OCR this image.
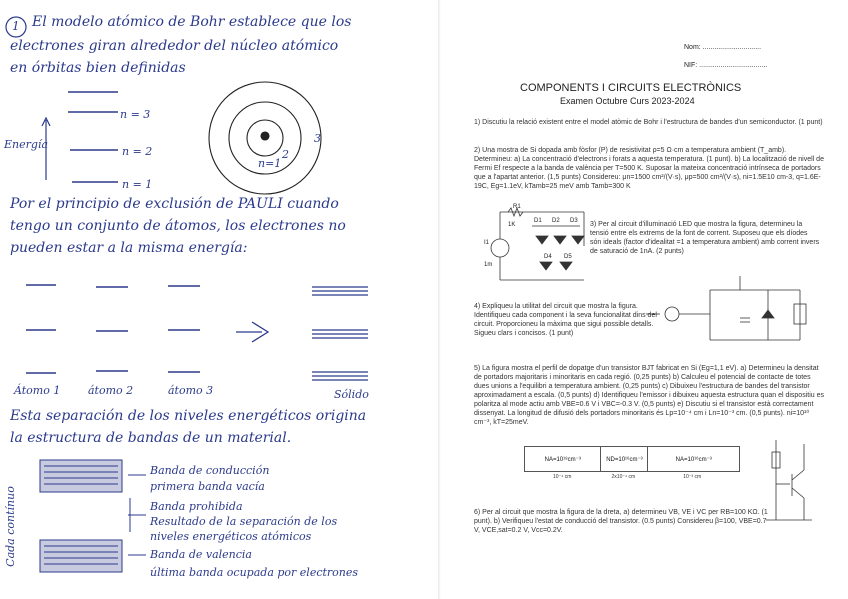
1 El modelo atómico de Bohr establece que los
electrones giran alrededor del núcleo atómico
en órbitas bien definidas
Energía
n = 3
n = 2
n = 1
3
2
n=1
Por el principio de exclusión de PAULI cuando
tengo un conjunto de átomos, los electrones no
pueden estar a la misma energía:
Átomo 1	átomo 2	átomo 3	Sólido
Esta separación de los niveles energéticos origina
la estructura de bandas de un material.
Cada contínuo
Banda de conducción
primera banda vacía
Banda prohibida
Resultado de la separación de los
niveles energéticos atómicos
Banda de valencia
última banda ocupada por electrones
Nom: ..............................
NIF: ...................................
COMPONENTS I CIRCUITS ELECTRÒNICS
Examen Octubre Curs 2023-2024
1) Discutiu la relació existent entre el model atòmic de Bohr i l'estructura de bandes d'un semiconductor. (1 punt)
2) Una mostra de Si dopada amb fòsfor (P) de resistivitat ρ=5 Ω·cm a temperatura ambient (T_amb). Determineu: a) La concentració d'electrons i forats a aquesta temperatura. (1 punt). b) La localització de nivell de Fermi Ef respecte a la banda de valència per T=500 K. Suposar la mateixa concentració intrínseca de portadors que a l'apartat anterior. (1,5 punts) Considereu: μn=1500 cm²/(V·s), μp=500 cm²/(V·s), ni=1.5E10 cm-3, q=1.6E-19C, Eg=1.1eV, kTamb=25 meV amb Tamb=300 K
R1
1K
D1 D2 D3
I1
1m
D4 D5
3) Per al circuit d'illuminació LED que mostra la figura, determineu la tensió entre els extrems de la font de corrent. Suposeu que els díodes són ideals (factor d'idealitat =1 a temperatura ambient) amb corrent invers de saturació de 1nA. (2 punts)
4) Expliqueu la utilitat del circuit que mostra la figura. Identifiqueu cada component i la seva funcionalitat dins del circuit. Proporcioneu la màxima que sigui possible detalls. Sigueu clars i concisos. (1 punt)
5) La figura mostra el perfil de dopatge d'un transistor BJT fabricat en Si (Eg=1,1 eV). a) Determineu la densitat de portadors majoritaris i minoritaris en cada regió. (0,25 punts) b) Calculeu el potencial de contacte de totes dues unions a l'equilibri a temperatura ambient. (0,25 punts) c) Dibuixeu l'estructura de bandes del transistor aproximadament a escala. (0,5 punts) d) Identifiqueu l'emissor i dibuixeu aquesta estructura quan el dispositiu es polaritza al mode actiu amb VBE=0.6 V i VBC=-0.3 V. (0,5 punts) e) Discutiu si el transistor està correctament dissenyat. La longitud de difusió dels portadors minoritaris és Lp=10⁻⁴ cm i Ln=10⁻³ cm. (0,5 punts). ni=10¹⁰ cm⁻³, kT=25meV.
NA=10¹⁸cm⁻³	ND=10¹⁶cm⁻³	NA=10¹⁶cm⁻³
10⁻⁴ cm	2x10⁻⁴ cm	10⁻³ cm
6) Per al circuit que mostra la figura de la dreta, a) determineu VB, VE i VC per RB=100 KΩ. (1 punt). b) Verifiqueu l'estat de conducció del transistor. (0.5 punts) Considereu β=100, VBE=0.7 V, VCE,sat=0.2 V, Vcc=0.2V.
